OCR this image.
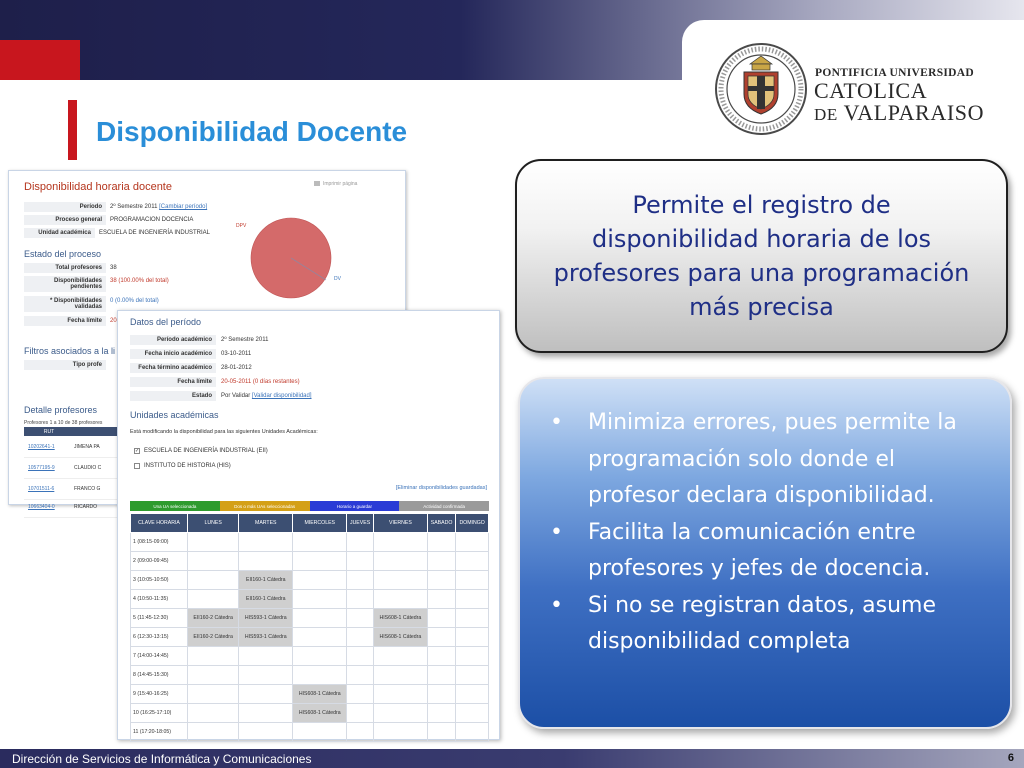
PONTIFICIA UNIVERSIDAD
CATOLICA
DE VALPARAISO
Disponibilidad Docente
Disponibilidad horaria docente	Imprimir página
Período	2º Semestre 2011 [Cambiar período]
Proceso general	PROGRAMACION DOCENCIA
Unidad académica	ESCUELA DE INGENIERÍA INDUSTRIAL
Estado del proceso
Total profesores	38
Disponibilidades pendientes
38 (100.00% del total)
* Disponibilidades validadas
0 (0.00% del total)
Fecha límite	20
DPV
DV
Filtros asociados a la li
Tipo profe
Detalle profesores
Profesores 1 a 10 de 38 profesores
RUT
10202641-1	JIMENA PA
10577195-9	CLAUDIO C
10701511-6	FRANCO G
10663404-0	RICARDO
Datos del período
Período académico	2º Semestre 2011
Fecha inicio académico	03-10-2011
Fecha término académico	28-01-2012
Fecha límite	20-05-2011 (0 días restantes)
Estado	Por Validar [Validar disponibilidad]
Unidades académicas
Está modificando la disponibilidad para las siguientes Unidades Académicas:
✓ ESCUELA DE INGENIERÍA INDUSTRIAL (EII)
INSTITUTO DE HISTORIA (HIS)
[Eliminar disponibilidades guardadas]
Una UA seleccionada	Dos o más UAs seleccionadas	Horario a guardar	Actividad confirmada
CLAVE HORARIA	LUNES	MARTES	MIERCOLES	JUEVES	VIERNES	SABADO	DOMINGO
1 (08:15-09:00)							
2 (09:00-09:45)							
3 (10:05-10:50)		EII160-1 Cátedra					
4 (10:50-11:35)		EII160-1 Cátedra					
5 (11:45-12:30)	EII160-2 Cátedra	HIS593-1 Cátedra			HIS608-1 Cátedra		
6 (12:30-13:15)	EII160-2 Cátedra	HIS593-1 Cátedra			HIS608-1 Cátedra		
7 (14:00-14:45)							
8 (14:45-15:30)							
9 (15:40-16:25)			HIS608-1 Cátedra				
10 (16:25-17:10)			HIS608-1 Cátedra				
11 (17:20-18:05)							

Permite el registro de disponibilidad horaria de los profesores para una programación más precisa

• Minimiza errores, pues permite la programación solo donde el profesor declara disponibilidad.
• Facilita la comunicación entre profesores y jefes de docencia.
• Si no se registran datos, asume disponibilidad completa
Dirección de Servicios de Informática y Comunicaciones	6
